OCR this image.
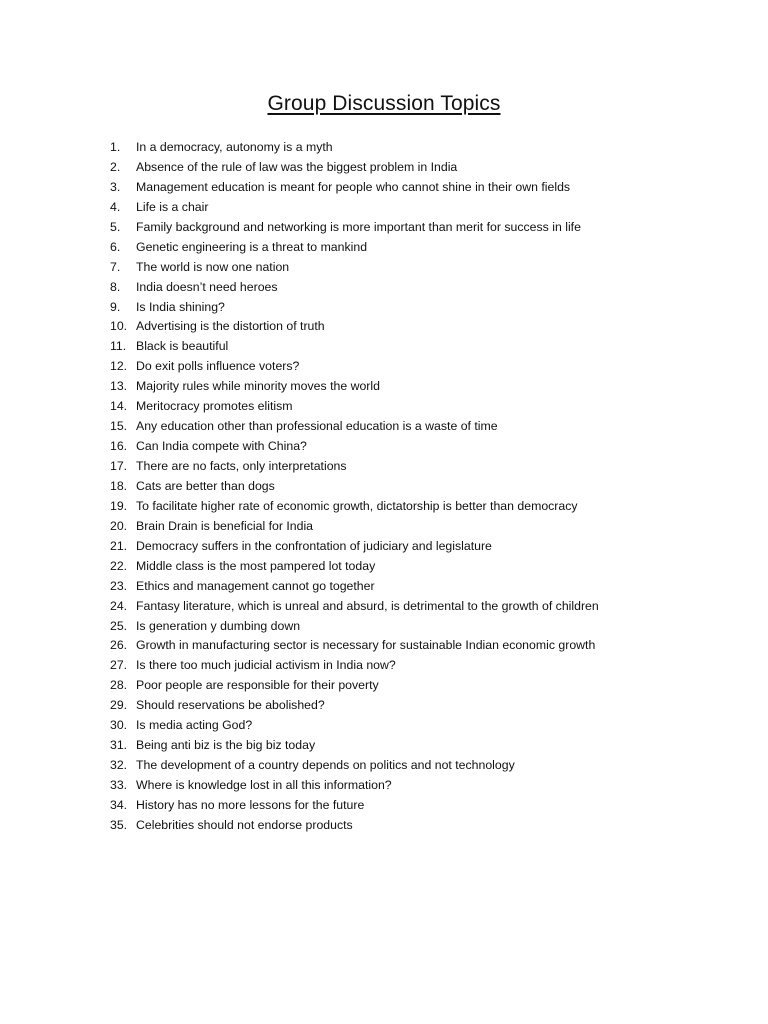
Group Discussion Topics
1.	In a democracy, autonomy is a myth
2.	Absence of the rule of law was the biggest problem in India
3.	Management education is meant for people who cannot shine in their own fields
4.	Life is a chair
5.	Family background and networking is more important than merit for success in life
6.	Genetic engineering is a threat to mankind
7.	The world is now one nation
8.	India doesn’t need heroes
9.	Is India shining?
10. Advertising is the distortion of truth
11. Black is beautiful
12. Do exit polls influence voters?
13. Majority rules while minority moves the world
14. Meritocracy promotes elitism
15. Any education other than professional education is a waste of time
16. Can India compete with China?
17. There are no facts, only interpretations
18. Cats are better than dogs
19. To facilitate higher rate of economic growth, dictatorship is better than democracy
20. Brain Drain is beneficial for India
21. Democracy suffers in the confrontation of judiciary and legislature
22. Middle class is the most pampered lot today
23. Ethics and management cannot go together
24. Fantasy literature, which is unreal and absurd, is detrimental to the growth of children
25. Is generation y dumbing down
26. Growth in manufacturing sector is necessary for sustainable Indian economic growth
27. Is there too much judicial activism in India now?
28. Poor people are responsible for their poverty
29. Should reservations be abolished?
30. Is media acting God?
31. Being anti biz is the big biz today
32. The development of a country depends on politics and not technology
33. Where is knowledge lost in all this information?
34. History has no more lessons for the future
35. Celebrities should not endorse products
